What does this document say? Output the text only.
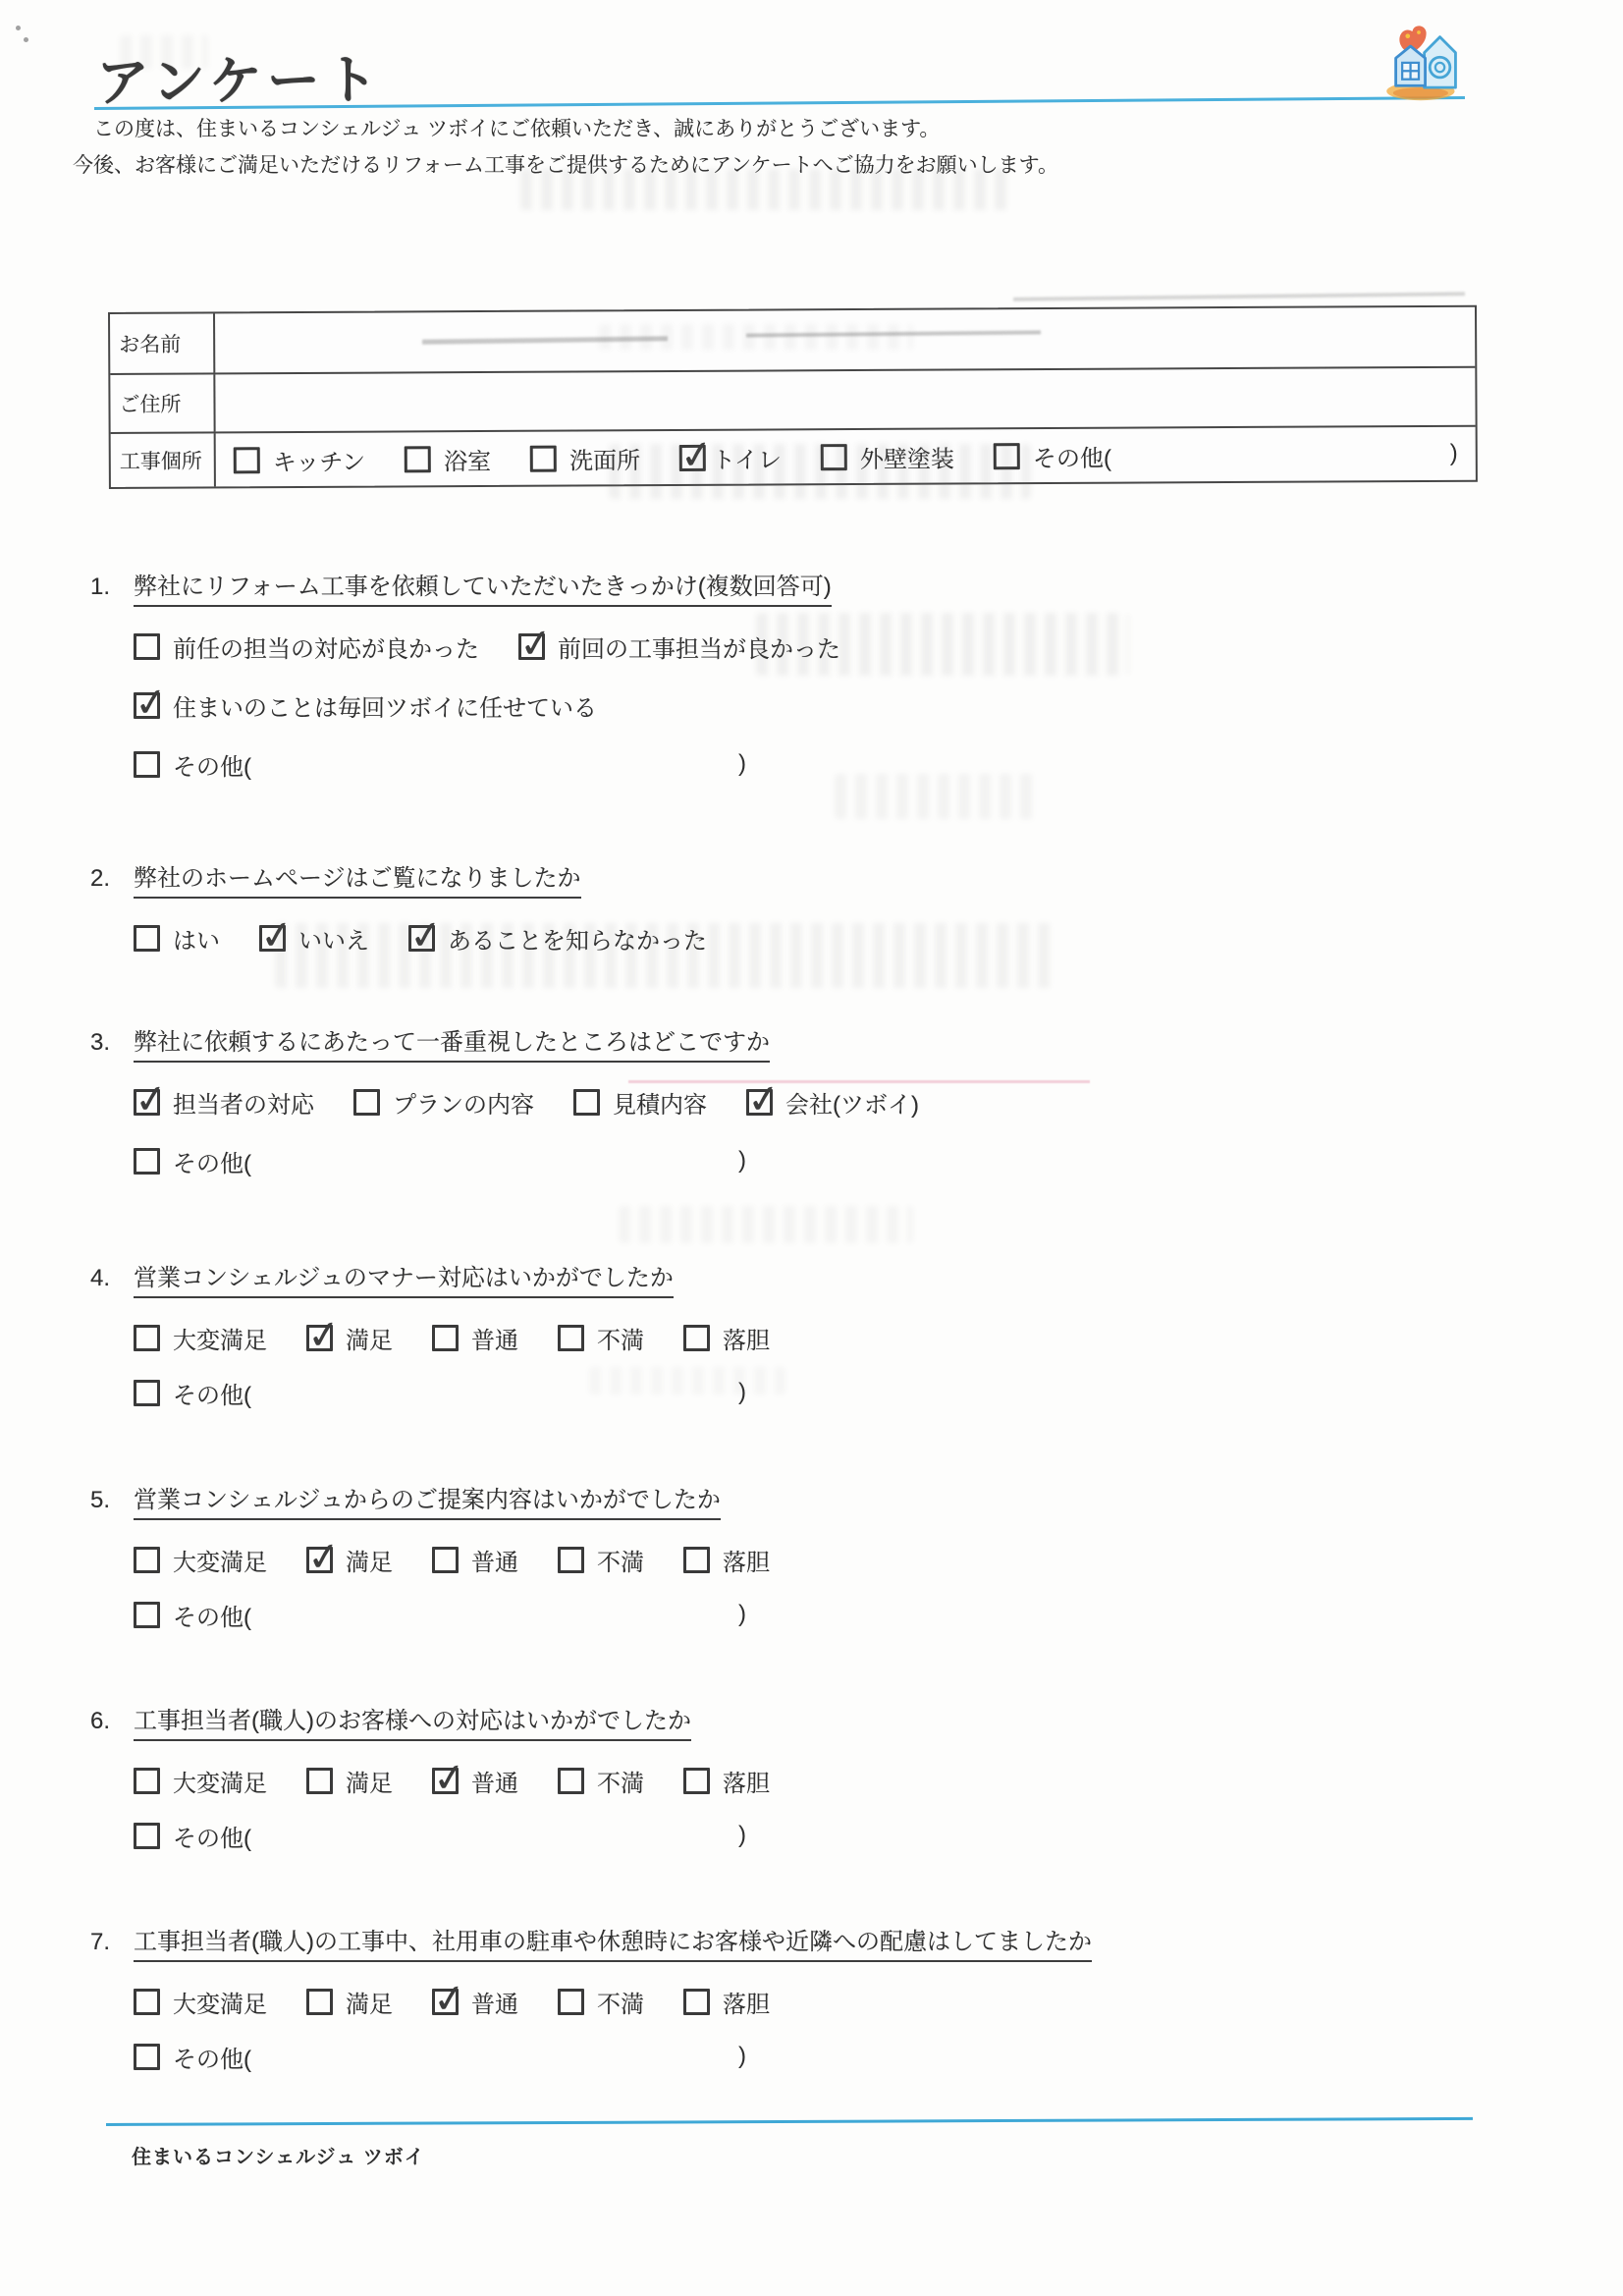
アンケート
　この度は、住まいるコンシェルジュ ツボイにご依頼いただき、誠にありがとうございます。
今後、お客様にご満足いただけるリフォーム工事をご提供するためにアンケートへご協力をお願いします。
お名前
ご住所
工事個所	キッチン	浴室	洗面所 ✓	トイレ	外壁塗装	その他(	)
1. 弊社にリフォーム工事を依頼していただいたきっかけ(複数回答可)
前任の担当の対応が良かった ✓	前回の工事担当が良かった
✓
住まいのことは毎回ツボイに任せている
その他(	)
2. 弊社のホームページはご覧になりましたか
はい ✓	いいえ ✓	あることを知らなかった
3. 弊社に依頼するにあたって一番重視したところはどこですか
✓
担当者の対応	プランの内容	見積内容 ✓	会社(ツボイ)
その他(	)
4. 営業コンシェルジュのマナー対応はいかがでしたか
大変満足 ✓	満足	普通	不満	落胆
その他(	)
5. 営業コンシェルジュからのご提案内容はいかがでしたか
大変満足 ✓	満足	普通	不満	落胆
その他(	)
6. 工事担当者(職人)のお客様への対応はいかがでしたか
大変満足	満足 ✓	普通	不満	落胆
その他(	)
7. 工事担当者(職人)の工事中、社用車の駐車や休憩時にお客様や近隣への配慮はしてましたか
大変満足	満足 ✓	普通	不満	落胆
その他(	)
住まいるコンシェルジュ ツボイ
